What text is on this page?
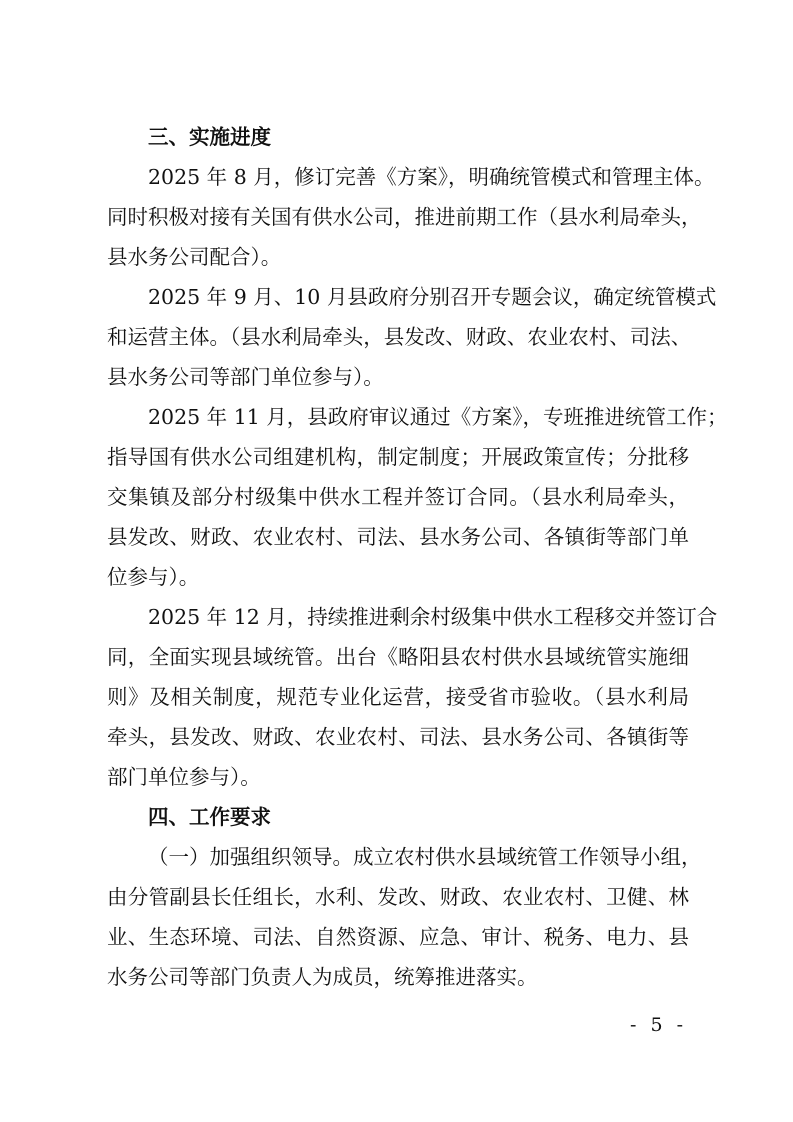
三、实施进度
2025 年 8 月，修订完善《方案》，明确统管模式和管理主体。
同时积极对接有关国有供水公司，推进前期工作（县水利局牵头，
县水务公司配合）。
2025 年 9 月、10 月县政府分别召开专题会议，确定统管模式
和运营主体。（县水利局牵头，县发改、财政、农业农村、司法、
县水务公司等部门单位参与）。
2025 年 11 月，县政府审议通过《方案》，专班推进统管工作；
指导国有供水公司组建机构，制定制度；开展政策宣传；分批移
交集镇及部分村级集中供水工程并签订合同。（县水利局牵头，
县发改、财政、农业农村、司法、县水务公司、各镇街等部门单
位参与）。
2025 年 12 月，持续推进剩余村级集中供水工程移交并签订合
同，全面实现县域统管。出台《略阳县农村供水县域统管实施细
则》及相关制度，规范专业化运营，接受省市验收。（县水利局
牵头，县发改、财政、农业农村、司法、县水务公司、各镇街等
部门单位参与）。
四、工作要求
（一）加强组织领导。成立农村供水县域统管工作领导小组，
由分管副县长任组长，水利、发改、财政、农业农村、卫健、林
业、生态环境、司法、自然资源、应急、审计、税务、电力、县
水务公司等部门负责人为成员，统筹推进落实。
- 5 -
